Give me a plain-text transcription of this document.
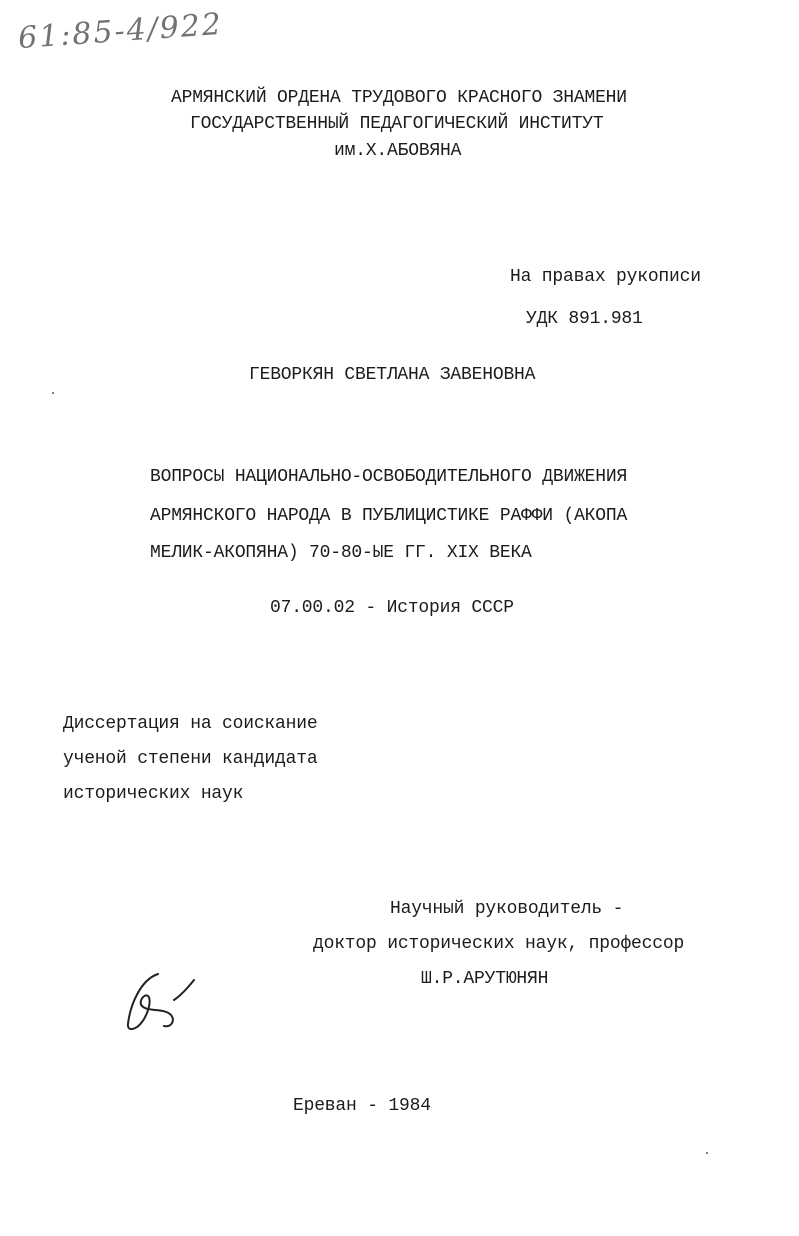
61:85-4/922
АРМЯНСКИЙ ОРДЕНА ТРУДОВОГО КРАСНОГО ЗНАМЕНИ
ГОСУДАРСТВЕННЫЙ ПЕДАГОГИЧЕСКИЙ ИНСТИТУТ
им.Х.АБОВЯНА
На правах рукописи
УДК 891.981
ГЕВОРКЯН СВЕТЛАНА ЗАВЕНОВНА
ВОПРОСЫ НАЦИОНАЛЬНО-ОСВОБОДИТЕЛЬНОГО ДВИЖЕНИЯ
АРМЯНСКОГО НАРОДА В ПУБЛИЦИСТИКЕ РАФФИ (АКОПА
МЕЛИК-АКОПЯНА) 70-80-ЫЕ ГГ. XIX ВЕКА
07.00.02 - История СССР
Диссертация на соискание
ученой степени кандидата
исторических наук
Научный руководитель -
доктор исторических наук, профессор
Ш.Р.АРУТЮНЯН
Ереван - 1984
